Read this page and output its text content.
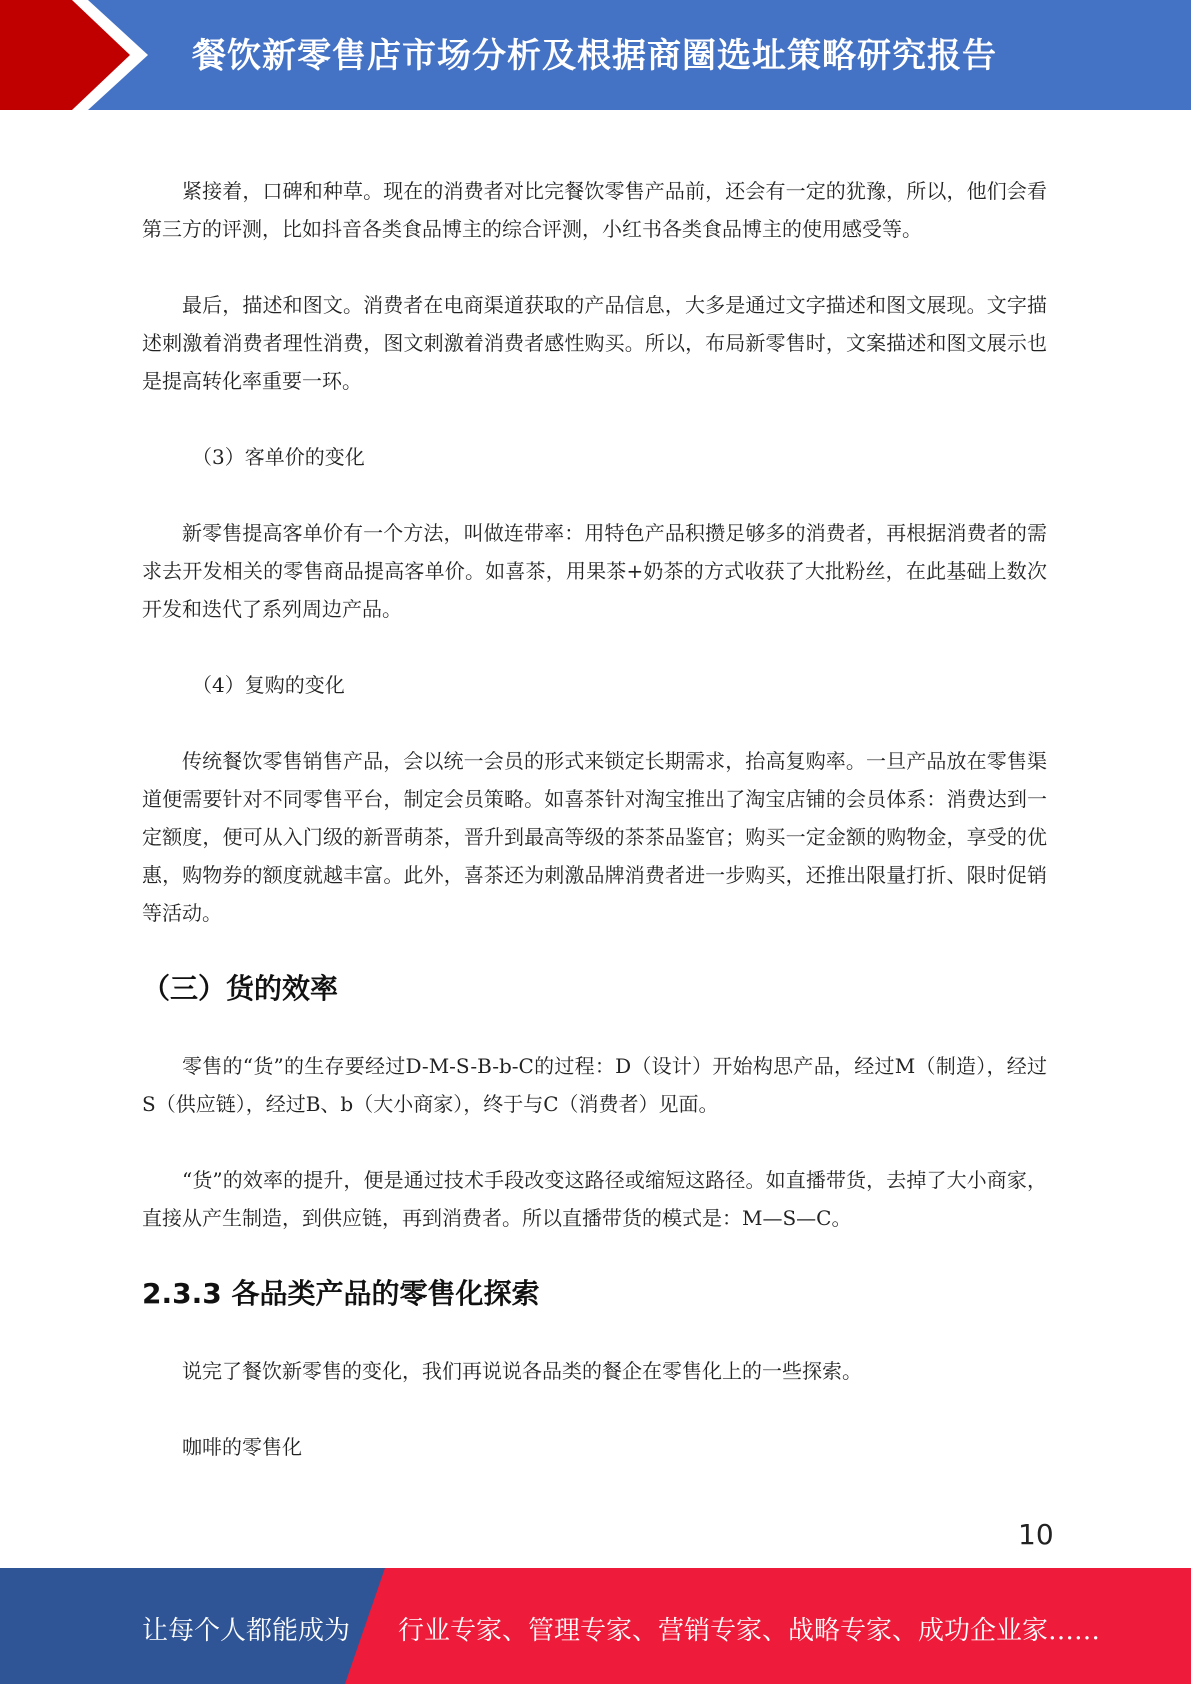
餐饮新零售店市场分析及根据商圈选址策略研究报告

紧接着，口碑和种草。现在的消费者对比完餐饮零售产品前，还会有一定的犹豫，所以，他们会看第三方的评测，比如抖音各类食品博主的综合评测，小红书各类食品博主的使用感受等。

最后，描述和图文。消费者在电商渠道获取的产品信息，大多是通过文字描述和图文展现。文字描述刺激着消费者理性消费，图文刺激着消费者感性购买。所以，布局新零售时，文案描述和图文展示也是提高转化率重要一环。

（3）客单价的变化

新零售提高客单价有一个方法，叫做连带率：用特色产品积攒足够多的消费者，再根据消费者的需求去开发相关的零售商品提高客单价。如喜茶，用果茶+奶茶的方式收获了大批粉丝，在此基础上数次开发和迭代了系列周边产品。

（4）复购的变化

传统餐饮零售销售产品，会以统一会员的形式来锁定长期需求，抬高复购率。一旦产品放在零售渠道便需要针对不同零售平台，制定会员策略。如喜茶针对淘宝推出了淘宝店铺的会员体系：消费达到一定额度，便可从入门级的新晋萌茶，晋升到最高等级的茶茶品鉴官；购买一定金额的购物金，享受的优惠，购物券的额度就越丰富。此外，喜茶还为刺激品牌消费者进一步购买，还推出限量打折、限时促销等活动。

（三）货的效率

零售的“货”的生存要经过D-M-S-B-b-C的过程：D（设计）开始构思产品，经过M（制造），经过S（供应链），经过B、b（大小商家），终于与C（消费者）见面。

“货”的效率的提升，便是通过技术手段改变这路径或缩短这路径。如直播带货，去掉了大小商家，直接从产生制造，到供应链，再到消费者。所以直播带货的模式是：M—S—C。

2.3.3 各品类产品的零售化探索

说完了餐饮新零售的变化，我们再说说各品类的餐企在零售化上的一些探索。

咖啡的零售化

10
让每个人都能成为 行业专家、管理专家、营销专家、战略专家、成功企业家……
